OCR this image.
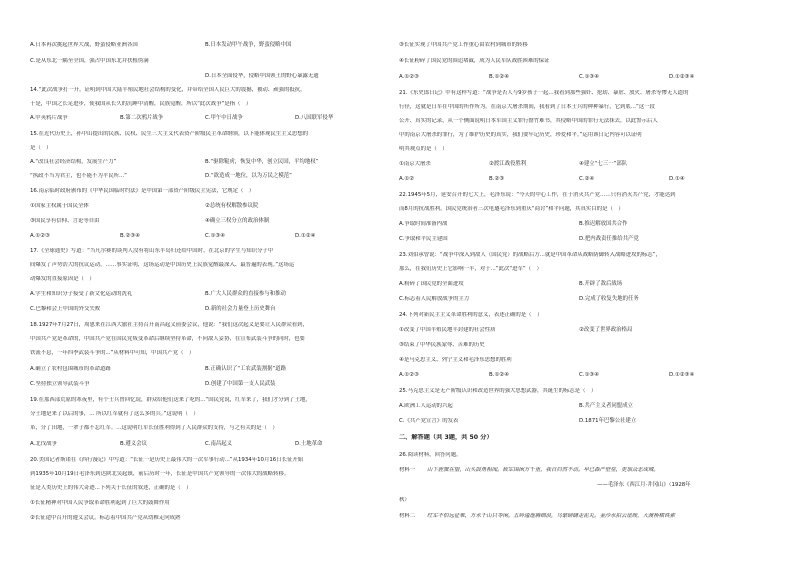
A.日本再次挑起世界大战，野蛮侵略亚洲各国	B.日本发动甲午战争，野蛮侵略中国
C.是从东北一隅至全国，强占中国东北并扶植伪满
D.日本全面侵华，侵略中国领土的野心暴露无遗
14.“此次战争打一开，证明到中国大陆半殖民地社会结构的变化，并带给全国人民巨大的震撼，被动、顽强的抵抗，
于是，中国之长足进步，使我国从长久的沉睡中清醒，民族觉醒，所以“此次战争”是指（　）
A.中英鸦片战争	B.第二次鸦片战争	C.甲午中日战争	D.八国联军侵华
15.在近代历史上，孙中山提出的民族、民权、民生三大主义代表资产阶级民主革命纲领，以下能体现民生主义思想的
是（　）
A.“改良社会经济结构，发展生产力”	B.“驱除鞑虏，恢复中华，创立民国，平均地权”
“执政不当为君主，也不能不为平民所...”	D.“欲造成一地位，以为万民之模范”
16.南京临时政府颁布的《中华民国临时约法》是中国第一部资产阶级民主宪法，它规定（　）
①国家主权属于国民全体	②总统有权解散参议院
③国民享有信仰、言论等自由	④确立三权分立的政治体制
A.①②③	B.②③④	C.①③④	D.①②④
17.《全球通史》写道：“当凡尔赛的谈判人没有将山东半岛归还给中国时，在北京的学生与知识分子中
间爆发了声势浩大的抗议运动，……事实证明，这场运动是中国历史上民族觉醒最深入、最普遍的表现。”这场运
动爆发的直接原因是（　）
A.学生和知识分子接受了新文化运动的洗礼	B.广大人民群众的直接参与和推动
C.巴黎和会上中国的外交失败	D.新的社会力量登上历史舞台
18.1927年7月27日，周恩来在江西大旅社主持召开南昌起义前委会议，他说：“我们这次起义是要让人民群众看到，
中国共产党是革命的，中国共产党在国民党叛变革命后继续坚持革命，不向敌人妥协，在宣布武装斗争的同时，也要
铁流不息，一年四季武装斗争的...”从材料中可知，中国共产党（　）
A.确立了农村包围城市的革命道路	B.正确认识了“工农武装割据”道路
C.坚持独立领导武装斗争	D.创建了中国第一支人民武装
19.在那西部荒原的寒夜里，有个士兵曾回忆说，群众给他们送来了吃的...“国民党说，红军来了，我们才分到了土地，
分土地是来了以后的事，... 所以红军就有了这么多的兵。”这说明（　）
革，分了田地，一辈子都不忘红军。...这说明红军长征胜利得到了人民群众的支持，与之有关的是（　）
A.北伐战争	B.遵义会议	C.南昌起义	D.土地革命
20.美国记者斯诺在《西行漫记》中写道：“长征一是历史上最伟大的一次军事行动...”从1934年10月16日长征开始
到1935年10月19日毛泽东到达陕北吴起镇，前后历时一年，长征是中国共产党领导的一次伟大的战略转移。
征是人类历史上的伟大奇迹...下列关于长征的叙述，正确的是（　）
①长征精神对中国人民争取革命胜利起到了巨大的鼓舞作用
②长征途中召开的遵义会议，标志着中国共产党从幼稚走向成熟
③长征实现了中国共产党工作重心由农村到城市的转移
④长征粉碎了国民党的围追堵截，成为人民军队战胜困难的保证
A.①②③	B.①②④	C.①③④	D.①②③④
21.《东史郎日记》中有这样写道：“战争是否人与9岁孩子一起...我看到那些强奸、抢劫、暴虐、放火、屠杀等惨无人道的
行径，这就是日军在中国的所作所为。在南京大屠杀期间，我看到了日本士兵的种种暴行，它到底...”这一段
公开、真实的记录，从一个侧面说明日本军国主义罪行罄竹难书，其侵略中国的罪行无法抹去，以此警示后人
中的南京大屠杀的罪行，为了维护历史的真实，我们要牢记历史，珍爱和平。”运用该日记内容可以证明
明其观点的是（　）
①南京大屠杀	②渡江战役胜利	④建立“七三一”部队
A.①②	B.②③	C.②④	D.①④
22.1945年5月，延安召开的七大上，毛泽东说：“今天的中心工作，在于消灭共产党……只有消灭共产党，才能达到
而8月的抗战胜利，国民党统治者三次电邀毛泽东到重庆“商讨”和平问题，其真实目的是（　）
A.争取时间准备内战	B.推迟解放国共合作
C.争取和平民主建国	D.把内战责任推给共产党
23.刘伯承曾说：“战争中深入到敌人（国民党）的战略后方...就是中国革命从战略防御转入战略进攻的标志”，
那么，在我们历史上它影响一半，对于...”此次“进军”（　）
A.粉碎了国民党的全面进攻	B.开辟了敌后战场
C.标志着人民解放战争的主力	D.完成了收复失地的任务
24.下列对新民主主义革命胜利的意义，表述正确的是（　）
①改变了中国半殖民地半封建的社会性质	②改变了世界政治格局
③结束了中华民族蒙辱、苦难的历史
④是马克思主义、列宁主义和毛泽东思想的胜利
A.①②③	B.①②④	C.①③④	D.①②③④
25.马克思主义是无产阶级认识和改造世界的强大思想武器，其诞生的标志是（　）
A.欧洲工人运动的兴起	B.共产主义者同盟成立
C.《共产党宣言》的发表	D.1871年巴黎公社建立
二、解答题（共 3题，共 50 分）
26.阅读材料，回答问题。
材料一 山下旌旗在望，山头鼓角相闻。敌军围困万千重，我自岿然不动。早已森严壁垒，更加众志成城。
——毛泽东《西江月·井冈山》（1928年
秋）
材料二 红军不怕远征难，万水千山只等闲。五岭逶迤腾细浪，乌蒙磅礴走泥丸。金沙水拍云崖暖，大渡桥横铁索
